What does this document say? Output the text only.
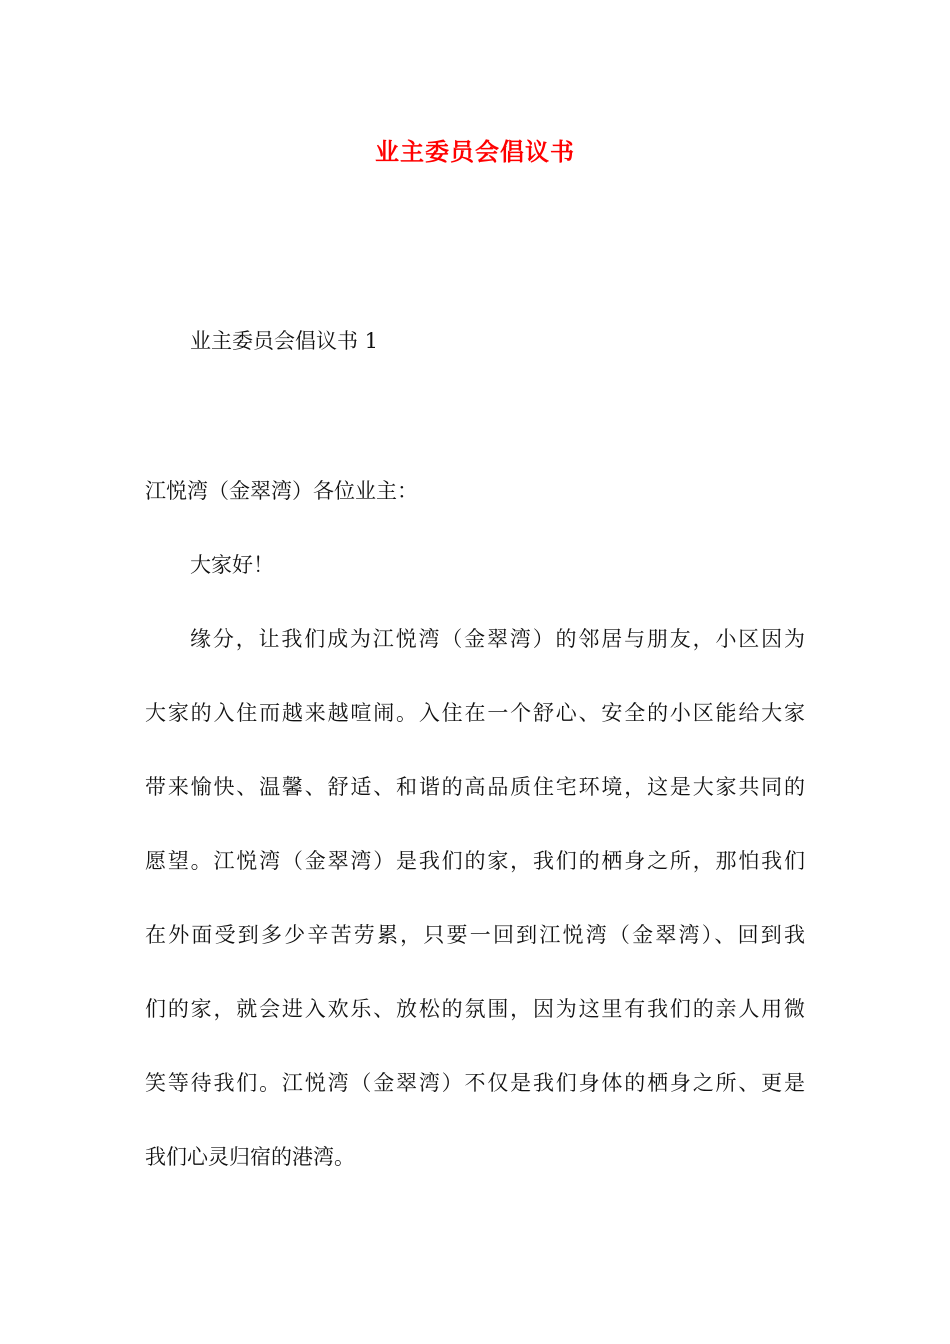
业主委员会倡议书
业主委员会倡议书 1
江悦湾（金翠湾）各位业主：
大家好！
缘分，让我们成为江悦湾（金翠湾）的邻居与朋友，小区因为
大家的入住而越来越喧闹。入住在一个舒心、安全的小区能给大家
带来愉快、温馨、舒适、和谐的高品质住宅环境，这是大家共同的
愿望。江悦湾（金翠湾）是我们的家，我们的栖身之所，那怕我们
在外面受到多少辛苦劳累，只要一回到江悦湾（金翠湾）、回到我
们的家，就会进入欢乐、放松的氛围，因为这里有我们的亲人用微
笑等待我们。江悦湾（金翠湾）不仅是我们身体的栖身之所、更是
我们心灵归宿的港湾。
